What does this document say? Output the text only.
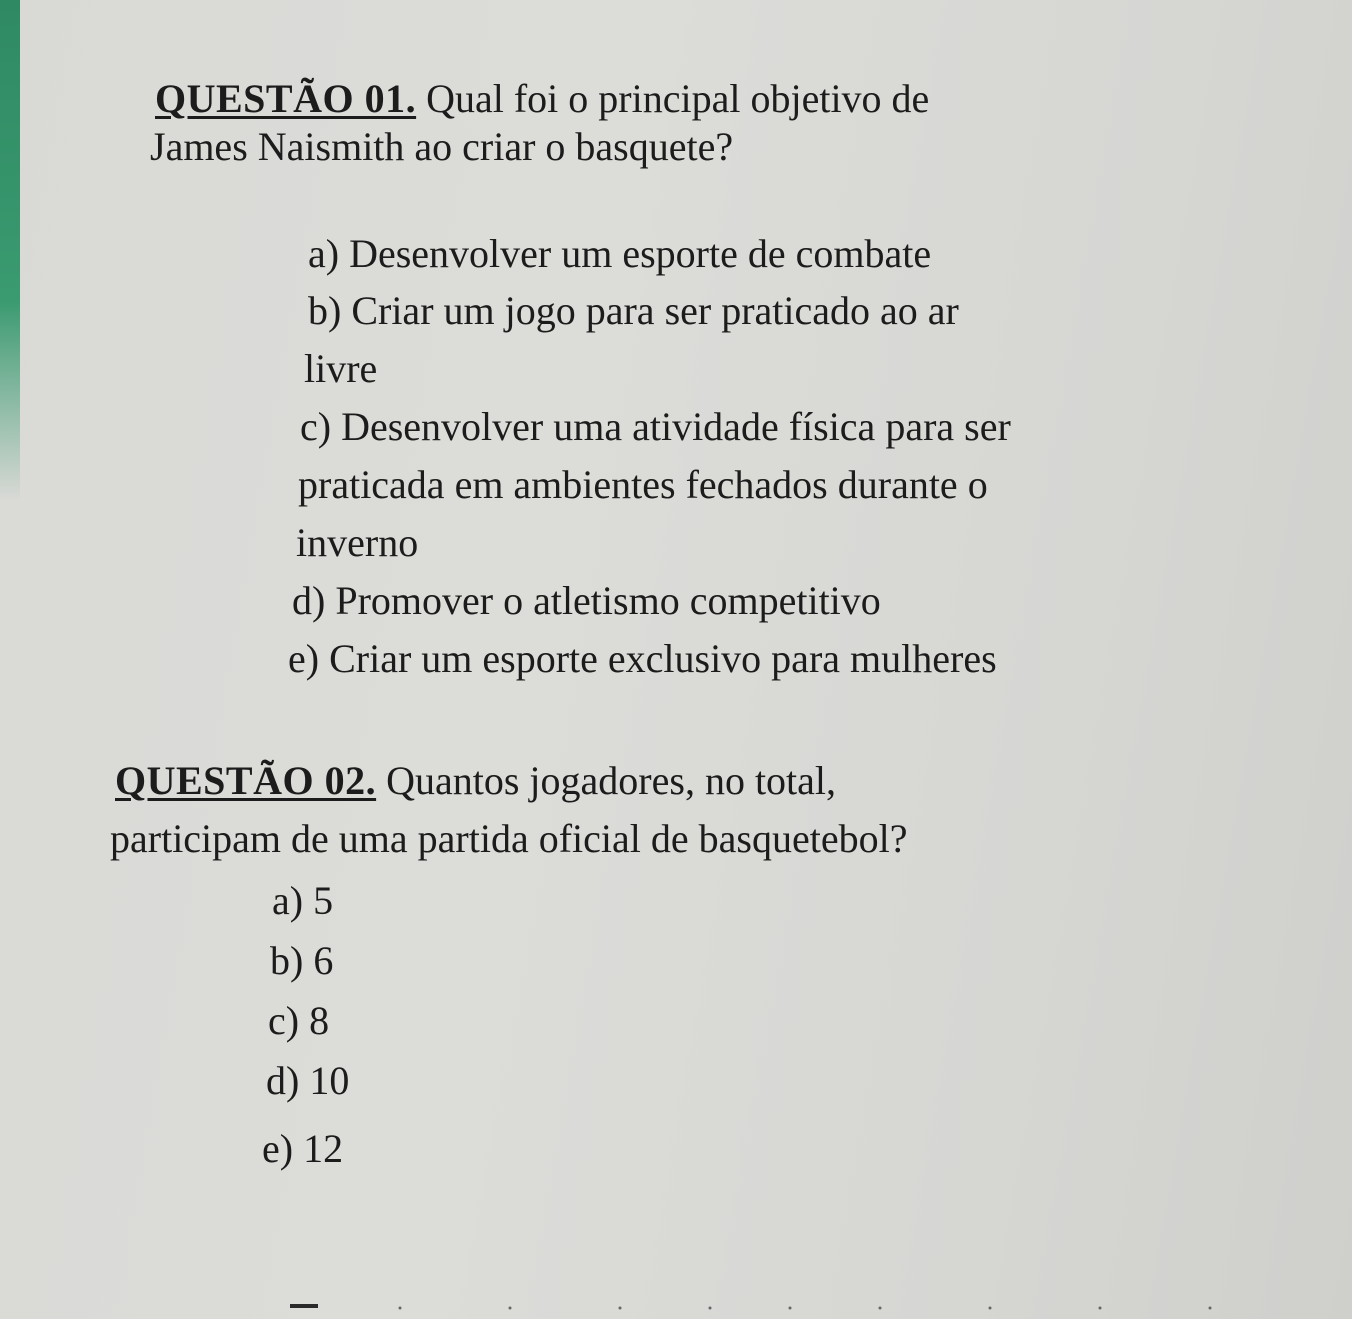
QUESTÃO 01. Qual foi o principal objetivo de
James Naismith ao criar o basquete?
a) Desenvolver um esporte de combate
b) Criar um jogo para ser praticado ao ar
livre
c) Desenvolver uma atividade física para ser
praticada em ambientes fechados durante o
inverno
d) Promover o atletismo competitivo
e) Criar um esporte exclusivo para mulheres
QUESTÃO 02. Quantos jogadores, no total,
participam de uma partida oficial de basquetebol?
a) 5
b) 6
c) 8
d) 10
e) 12
